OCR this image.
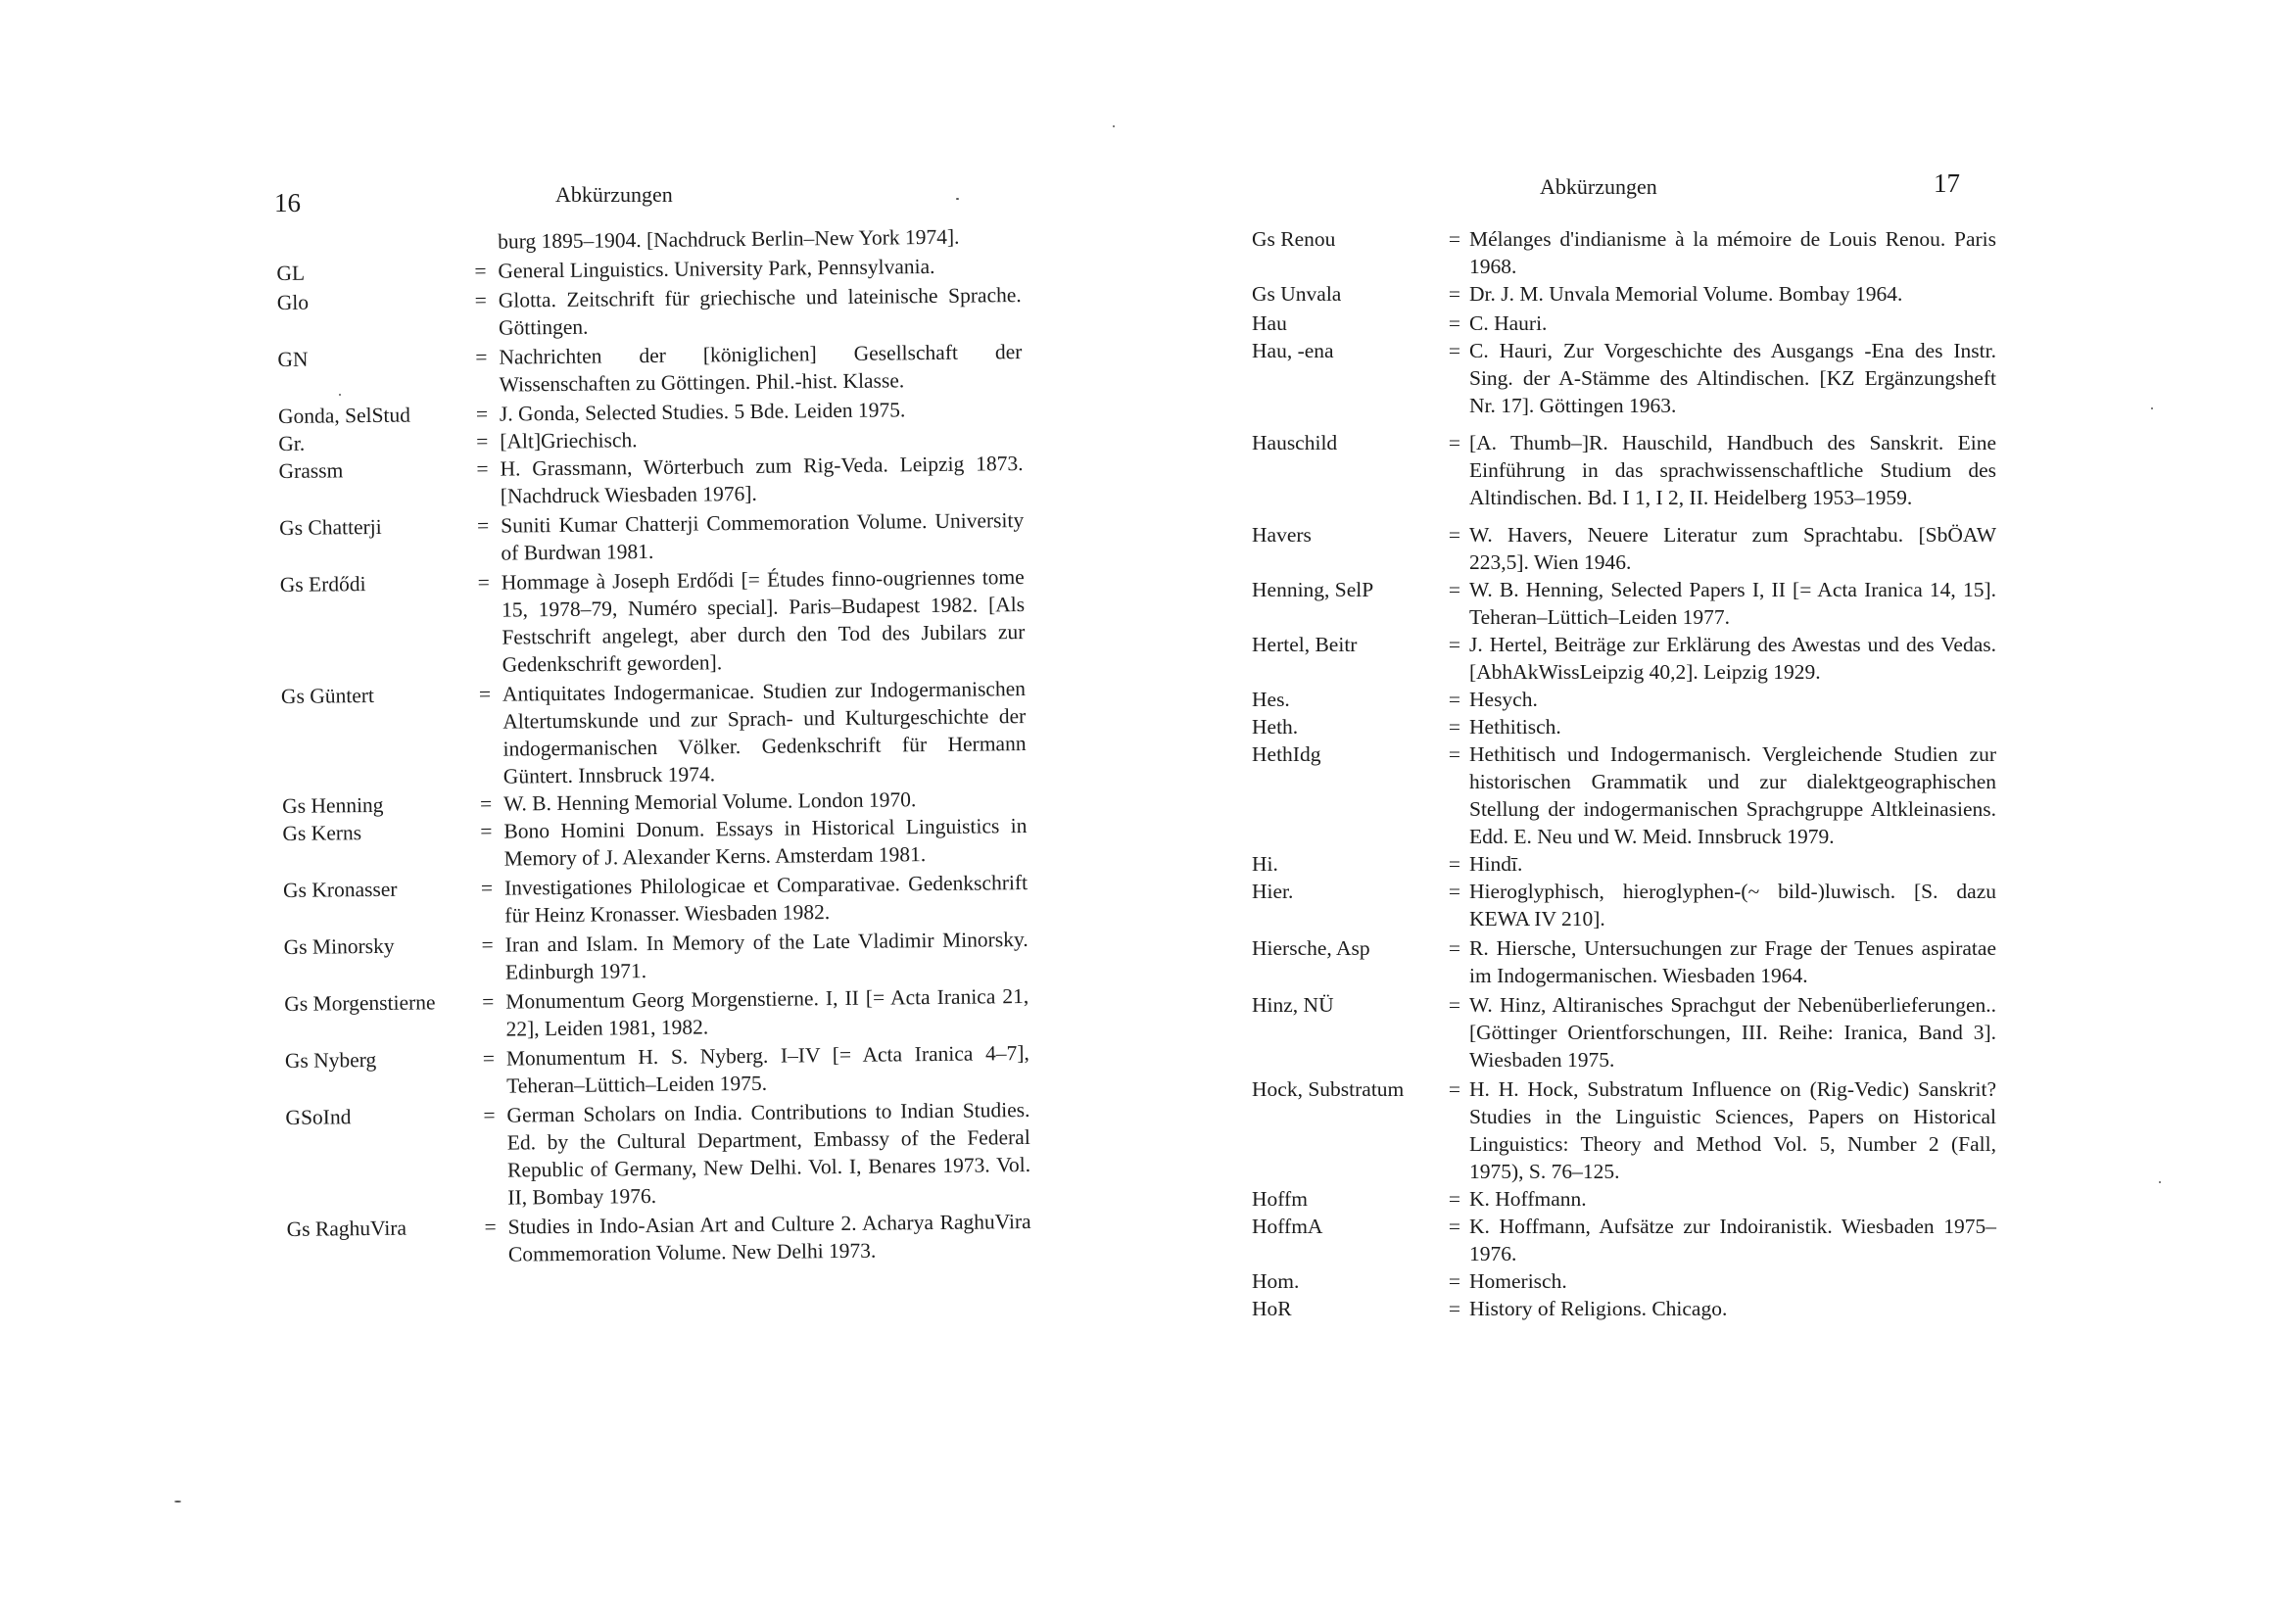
16	Abkürzungen
burg 1895–1904. [Nachdruck Berlin–New York 1974].
GL	= General Linguistics. University Park, Pennsylvania.
Glo	= Glotta. Zeitschrift für griechische und lateinische Sprache. Göttingen.
GN	= Nachrichten der [königlichen] Gesellschaft der Wissenschaften zu Göttingen. Phil.-hist. Klasse.
Gonda, SelStud	= J. Gonda, Selected Studies. 5 Bde. Leiden 1975.
Gr.	= [Alt]Griechisch.
Grassm	= H. Grassmann, Wörterbuch zum Rig-Veda. Leipzig 1873. [Nachdruck Wiesbaden 1976].
Gs Chatterji	= Suniti Kumar Chatterji Commemoration Volume. University of Burdwan 1981.
Gs Erdődi	= Hommage à Joseph Erdődi [= Études finno-ougriennes tome 15, 1978–79, Numéro special]. Paris–Budapest 1982. [Als Festschrift angelegt, aber durch den Tod des Jubilars zur Gedenkschrift geworden].
Gs Güntert	= Antiquitates Indogermanicae. Studien zur Indogermanischen Altertumskunde und zur Sprach- und Kulturgeschichte der indogermanischen Völker. Gedenkschrift für Hermann Güntert. Innsbruck 1974.
Gs Henning	= W. B. Henning Memorial Volume. London 1970.
Gs Kerns	= Bono Homini Donum. Essays in Historical Linguistics in Memory of J. Alexander Kerns. Amsterdam 1981.
Gs Kronasser	= Investigationes Philologicae et Comparativae. Gedenkschrift für Heinz Kronasser. Wiesbaden 1982.
Gs Minorsky	= Iran and Islam. In Memory of the Late Vladimir Minorsky. Edinburgh 1971.
Gs Morgenstierne	= Monumentum Georg Morgenstierne. I, II [= Acta Iranica 21, 22], Leiden 1981, 1982.
Gs Nyberg	= Monumentum H. S. Nyberg. I–IV [= Acta Iranica 4–7], Teheran–Lüttich–Leiden 1975.
GSoInd	= German Scholars on India. Contributions to Indian Studies. Ed. by the Cultural Department, Embassy of the Federal Republic of Germany, New Delhi. Vol. I, Benares 1973. Vol. II, Bombay 1976.
Gs RaghuVira	= Studies in Indo-Asian Art and Culture 2. Acharya RaghuVira Commemoration Volume. New Delhi 1973.
Abkürzungen	17
Gs Renou	= Mélanges d'indianisme à la mémoire de Louis Renou. Paris 1968.
Gs Unvala	= Dr. J. M. Unvala Memorial Volume. Bombay 1964.
Hau	= C. Hauri.
Hau, -ena	= C. Hauri, Zur Vorgeschichte des Ausgangs -Ena des Instr. Sing. der A-Stämme des Altindischen. [KZ Ergänzungsheft Nr. 17]. Göttingen 1963.
Hauschild	= [A. Thumb–]R. Hauschild, Handbuch des Sanskrit. Eine Einführung in das sprachwissenschaftliche Studium des Altindischen. Bd. I 1, I 2, II. Heidelberg 1953–1959.
Havers	= W. Havers, Neuere Literatur zum Sprachtabu. [SbÖAW 223,5]. Wien 1946.
Henning, SelP	= W. B. Henning, Selected Papers I, II [= Acta Iranica 14, 15]. Teheran–Lüttich–Leiden 1977.
Hertel, Beitr	= J. Hertel, Beiträge zur Erklärung des Awestas und des Vedas. [AbhAkWissLeipzig 40,2]. Leipzig 1929.
Hes.	= Hesych.
Heth.	= Hethitisch.
HethIdg	= Hethitisch und Indogermanisch. Vergleichende Studien zur historischen Grammatik und zur dialektgeographischen Stellung der indogermanischen Sprachgruppe Altkleinasiens. Edd. E. Neu und W. Meid. Innsbruck 1979.
Hi.	= Hindī.
Hier.	= Hieroglyphisch, hieroglyphen-(~ bild-)luwisch. [S. dazu KEWA IV 210].
Hiersche, Asp	= R. Hiersche, Untersuchungen zur Frage der Tenues aspiratae im Indogermanischen. Wiesbaden 1964.
Hinz, NÜ	= W. Hinz, Altiranisches Sprachgut der Nebenüberlieferungen.. [Göttinger Orientforschungen, III. Reihe: Iranica, Band 3]. Wiesbaden 1975.
Hock, Substratum	= H. H. Hock, Substratum Influence on (Rig-Vedic) Sanskrit? Studies in the Linguistic Sciences, Papers on Historical Linguistics: Theory and Method Vol. 5, Number 2 (Fall, 1975), S. 76–125.
Hoffm	= K. Hoffmann.
HoffmA	= K. Hoffmann, Aufsätze zur Indoiranistik. Wiesbaden 1975–1976.
Hom.	= Homerisch.
HoR	= History of Religions. Chicago.
